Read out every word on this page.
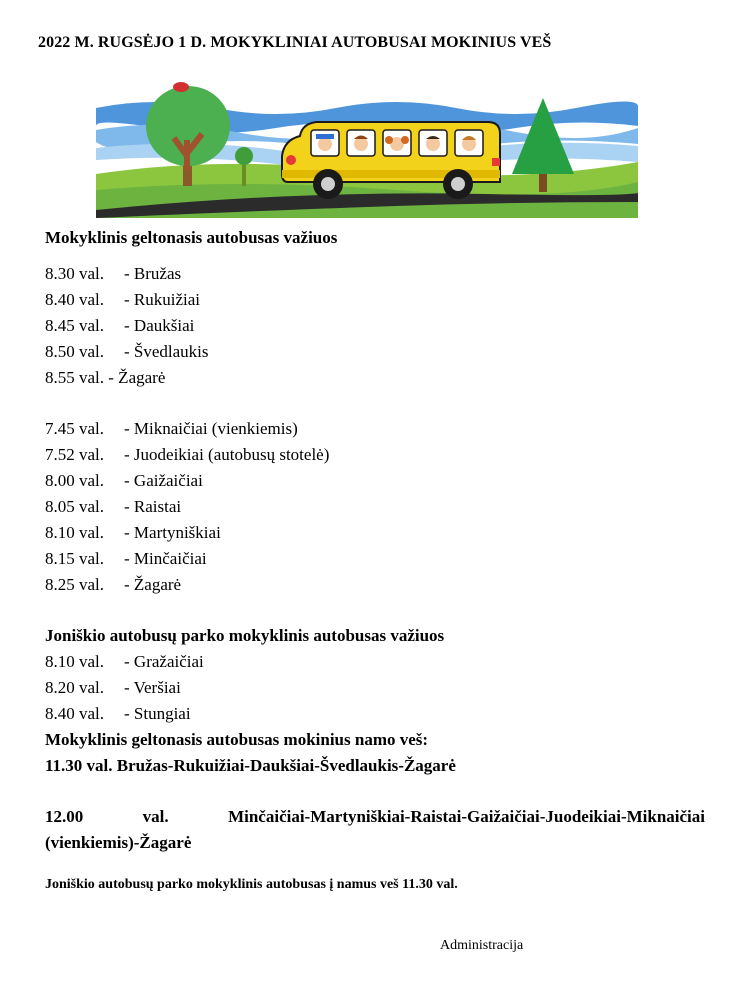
2022 M. RUGSĖJO 1 D. MOKYKLINIAI AUTOBUSAI MOKINIUS VEŠ
Mokyklinis geltonasis autobusas važiuos
8.30 val. - Bružas
8.40 val. - Rukuižiai
8.45 val. - Daukšiai
8.50 val. - Švedlaukis
8.55 val. - Žagarė
7.45 val. - Miknaičiai (vienkiemis)
7.52 val. - Juodeikiai (autobusų stotelė)
8.00 val. - Gaižaičiai
8.05 val. - Raistai
8.10 val. - Martyniškiai
8.15 val. - Minčaičiai
8.25 val. - Žagarė
Joniškio autobusų parko mokyklinis autobusas važiuos
8.10 val. - Gražaičiai
8.20 val. - Veršiai
8.40 val. - Stungiai
Mokyklinis geltonasis autobusas mokinius namo veš:
11.30 val. Bružas-Rukuižiai-Daukšiai-Švedlaukis-Žagarė
12.00	val.	Minčaičiai-Martyniškiai-Raistai-Gaižaičiai-Juodeikiai-Miknaičiai
(vienkiemis)-Žagarė
Joniškio autobusų parko mokyklinis autobusas į namus veš 11.30 val.
Administracija
